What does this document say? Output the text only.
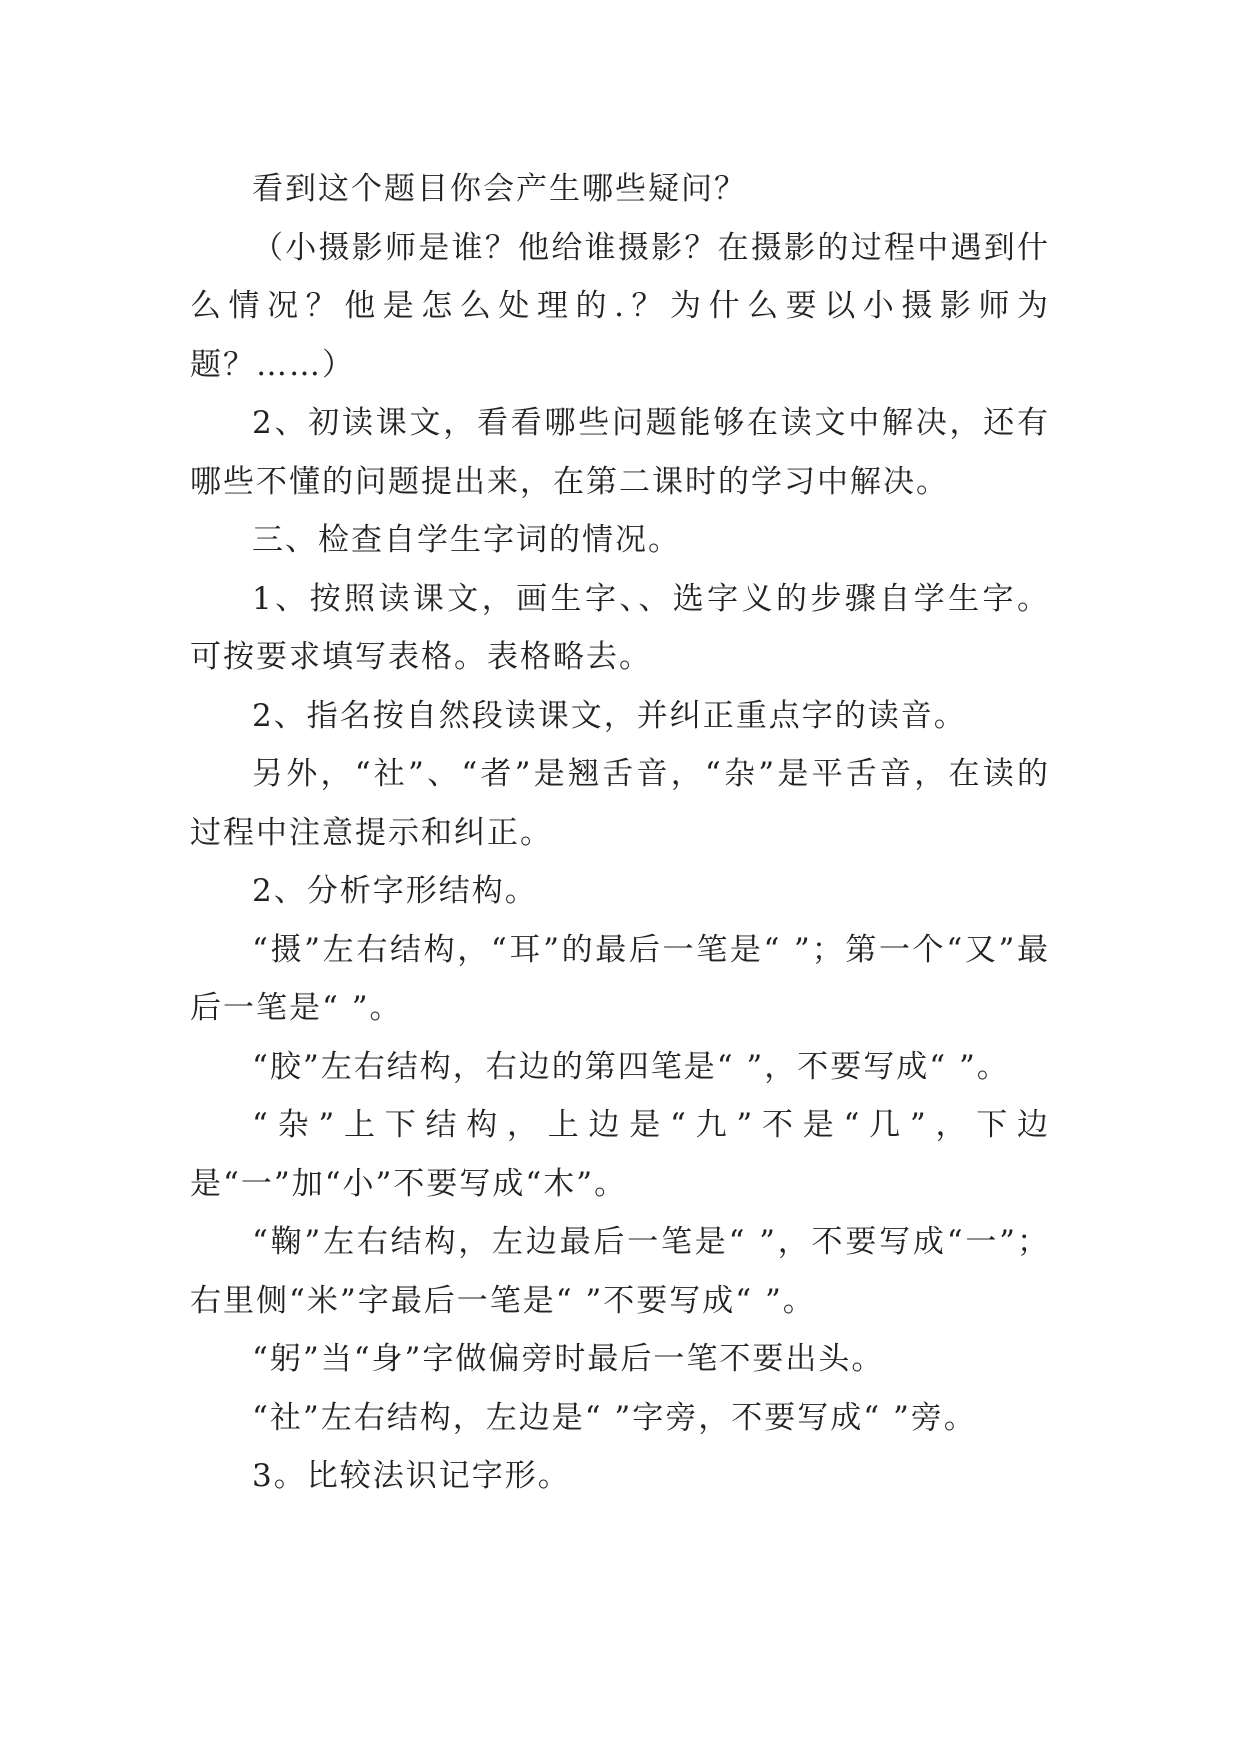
看到这个题目你会产生哪些疑问？

（小摄影师是谁？他给谁摄影？在摄影的过程中遇到什么情况？他是怎么处理的.？为什么要以小摄影师为题？……）

2、初读课文，看看哪些问题能够在读文中解决，还有哪些不懂的问题提出来，在第二课时的学习中解决。

三、检查自学生字词的情况。

1、按照读课文，画生字、、选字义的步骤自学生字。可按要求填写表格。表格略去。

2、指名按自然段读课文，并纠正重点字的读音。

另外，“社”、“者”是翘舌音，“杂”是平舌音，在读的过程中注意提示和纠正。

2、分析字形结构。

“摄”左右结构，“耳”的最后一笔是“ ”；第一个“又”最后一笔是“ ”。

“胶”左右结构，右边的第四笔是“ ”，不要写成“ ”。

“杂”上下结构，上边是“九”不是“几”，下边是“一”加“小”不要写成“木”。

“鞠”左右结构，左边最后一笔是“ ”，不要写成“一”；右里侧“米”字最后一笔是“ ”不要写成“ ”。

“躬”当“身”字做偏旁时最后一笔不要出头。

“社”左右结构，左边是“ ”字旁，不要写成“ ”旁。

3。比较法识记字形。
